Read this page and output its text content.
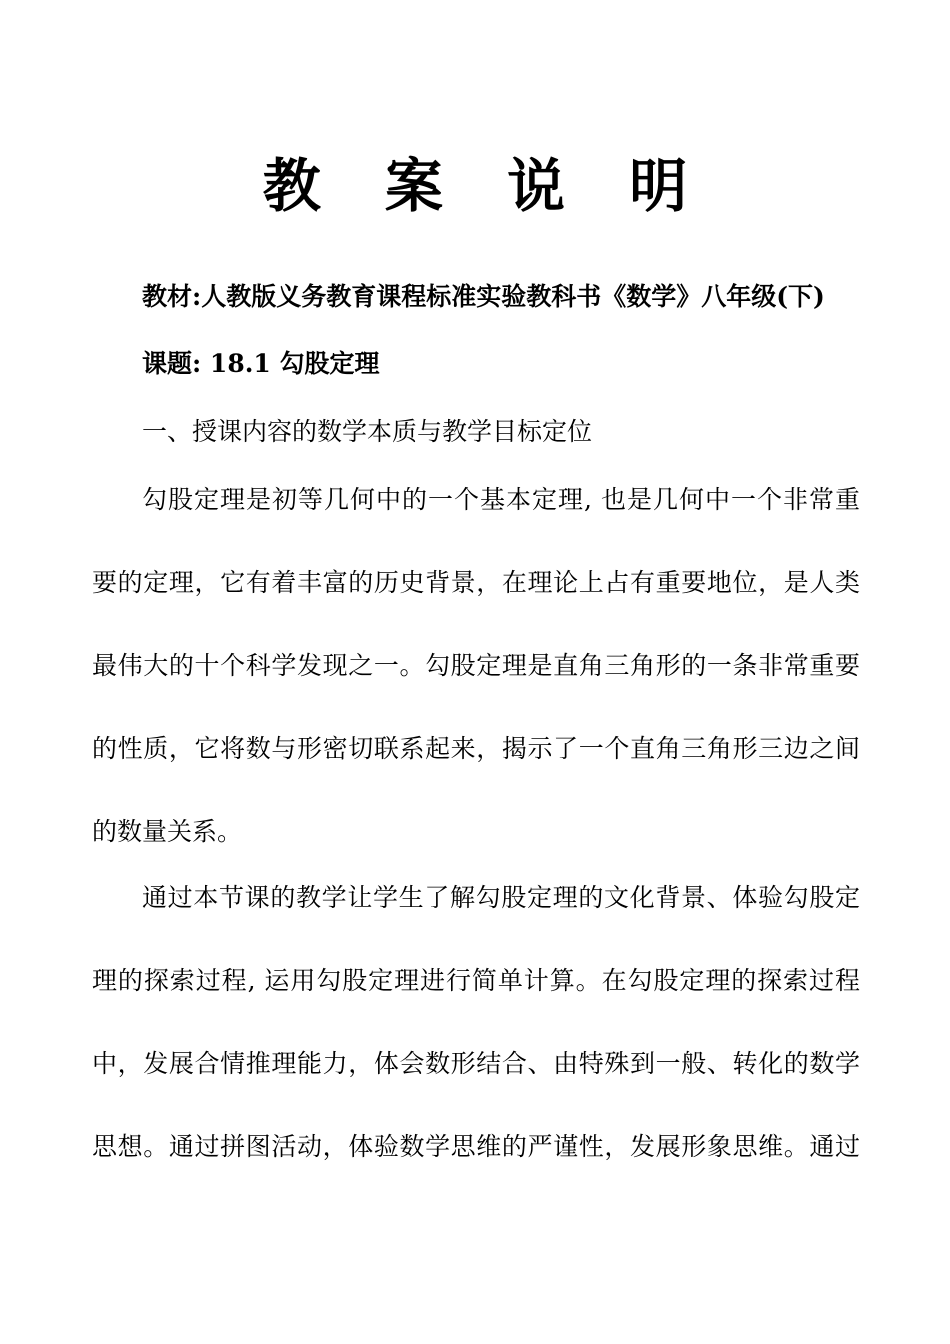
教 案 说 明
教材:人教版义务教育课程标准实验教科书《数学》八年级(下)
课题: 18.1 勾股定理
一、授课内容的数学本质与教学目标定位
勾股定理是初等几何中的一个基本定理, 也是几何中一个非常重
要的定理，它有着丰富的历史背景，在理论上占有重要地位，是人类
最伟大的十个科学发现之一。勾股定理是直角三角形的一条非常重要
的性质，它将数与形密切联系起来，揭示了一个直角三角形三边之间
的数量关系。
通过本节课的教学让学生了解勾股定理的文化背景、体验勾股定
理的探索过程, 运用勾股定理进行简单计算。在勾股定理的探索过程
中，发展合情推理能力，体会数形结合、由特殊到一般、转化的数学
思想。通过拼图活动，体验数学思维的严谨性，发展形象思维。通过
